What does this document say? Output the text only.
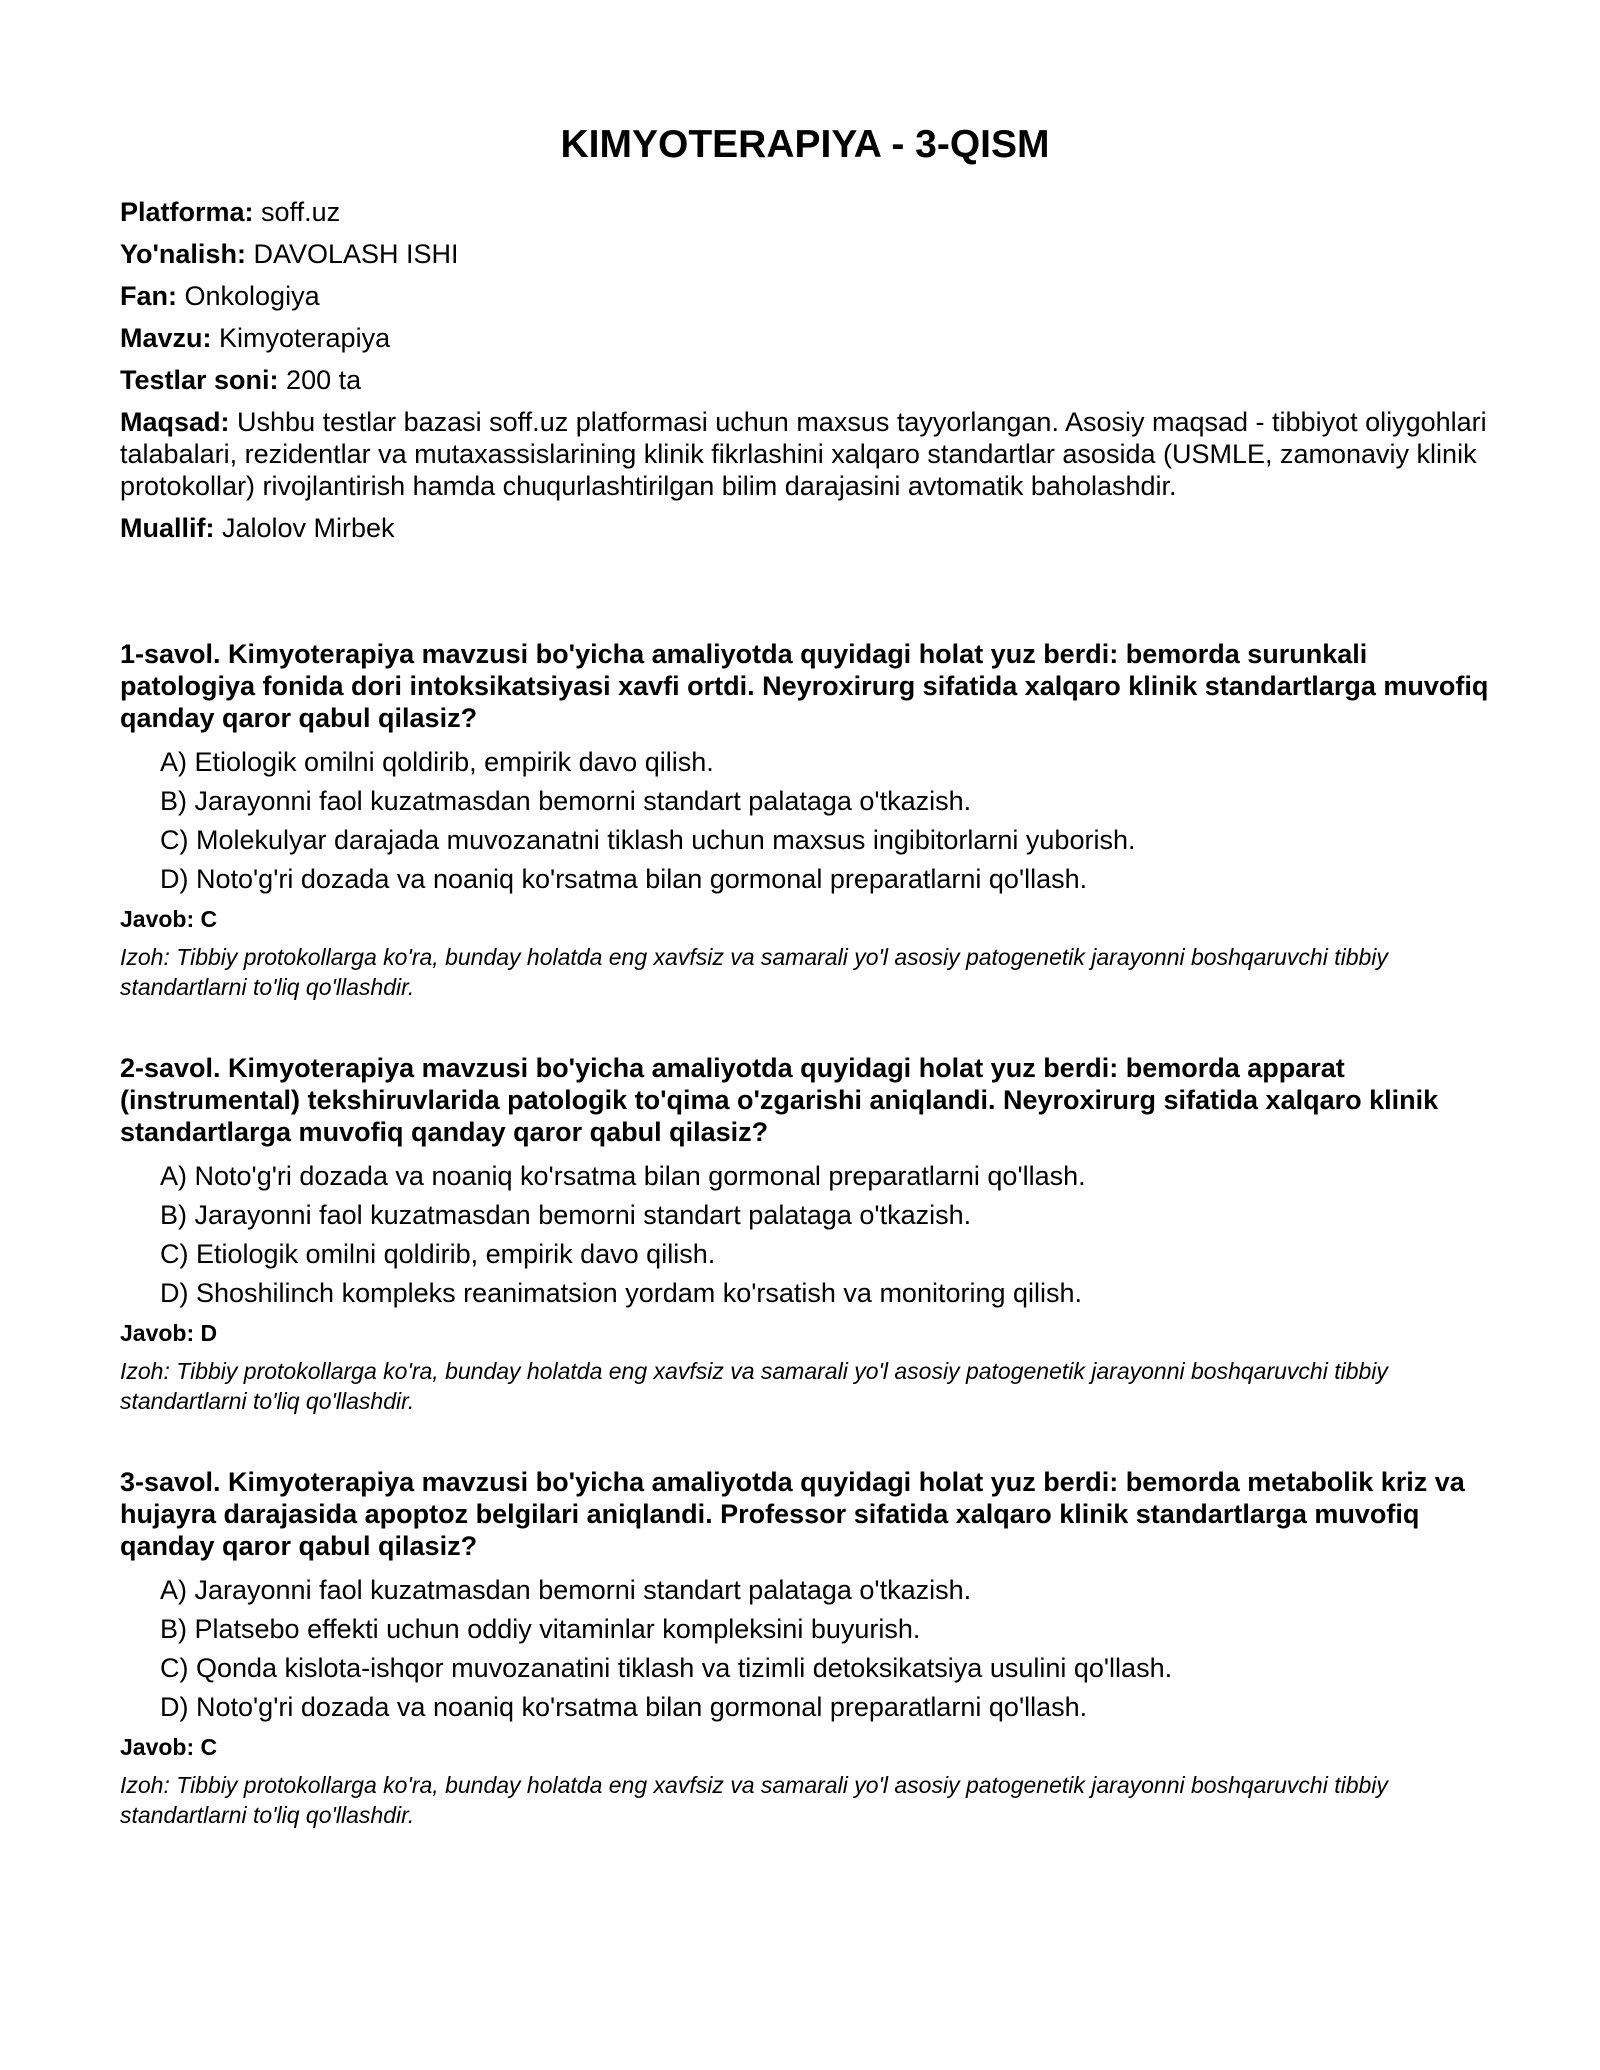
KIMYOTERAPIYA - 3-QISM
Platforma: soff.uz
Yo'nalish: DAVOLASH ISHI
Fan: Onkologiya
Mavzu: Kimyoterapiya
Testlar soni: 200 ta
Maqsad: Ushbu testlar bazasi soff.uz platformasi uchun maxsus tayyorlangan. Asosiy maqsad - tibbiyot oliygohlari talabalari, rezidentlar va mutaxassislarining klinik fikrlashini xalqaro standartlar asosida (USMLE, zamonaviy klinik protokollar) rivojlantirish hamda chuqurlashtirilgan bilim darajasini avtomatik baholashdir.
Muallif: Jalolov Mirbek

1-savol. Kimyoterapiya mavzusi bo'yicha amaliyotda quyidagi holat yuz berdi: bemorda surunkali patologiya fonida dori intoksikatsiyasi xavfi ortdi. Neyroxirurg sifatida xalqaro klinik standartlarga muvofiq qanday qaror qabul qilasiz?

A) Etiologik omilni qoldirib, empirik davo qilish.
B) Jarayonni faol kuzatmasdan bemorni standart palataga o'tkazish.
C) Molekulyar darajada muvozanatni tiklash uchun maxsus ingibitorlarni yuborish.
D) Noto'g'ri dozada va noaniq ko'rsatma bilan gormonal preparatlarni qo'llash.
Javob: C
Izoh: Tibbiy protokollarga ko'ra, bunday holatda eng xavfsiz va samarali yo'l asosiy patogenetik jarayonni boshqaruvchi tibbiy standartlarni to'liq qo'llashdir.

2-savol. Kimyoterapiya mavzusi bo'yicha amaliyotda quyidagi holat yuz berdi: bemorda apparat (instrumental) tekshiruvlarida patologik to'qima o'zgarishi aniqlandi. Neyroxirurg sifatida xalqaro klinik standartlarga muvofiq qanday qaror qabul qilasiz?

A) Noto'g'ri dozada va noaniq ko'rsatma bilan gormonal preparatlarni qo'llash.
B) Jarayonni faol kuzatmasdan bemorni standart palataga o'tkazish.
C) Etiologik omilni qoldirib, empirik davo qilish.
D) Shoshilinch kompleks reanimatsion yordam ko'rsatish va monitoring qilish.
Javob: D
Izoh: Tibbiy protokollarga ko'ra, bunday holatda eng xavfsiz va samarali yo'l asosiy patogenetik jarayonni boshqaruvchi tibbiy standartlarni to'liq qo'llashdir.

3-savol. Kimyoterapiya mavzusi bo'yicha amaliyotda quyidagi holat yuz berdi: bemorda metabolik kriz va hujayra darajasida apoptoz belgilari aniqlandi. Professor sifatida xalqaro klinik standartlarga muvofiq qanday qaror qabul qilasiz?

A) Jarayonni faol kuzatmasdan bemorni standart palataga o'tkazish.
B) Platsebo effekti uchun oddiy vitaminlar kompleksini buyurish.
C) Qonda kislota-ishqor muvozanatini tiklash va tizimli detoksikatsiya usulini qo'llash.
D) Noto'g'ri dozada va noaniq ko'rsatma bilan gormonal preparatlarni qo'llash.
Javob: C
Izoh: Tibbiy protokollarga ko'ra, bunday holatda eng xavfsiz va samarali yo'l asosiy patogenetik jarayonni boshqaruvchi tibbiy standartlarni to'liq qo'llashdir.
